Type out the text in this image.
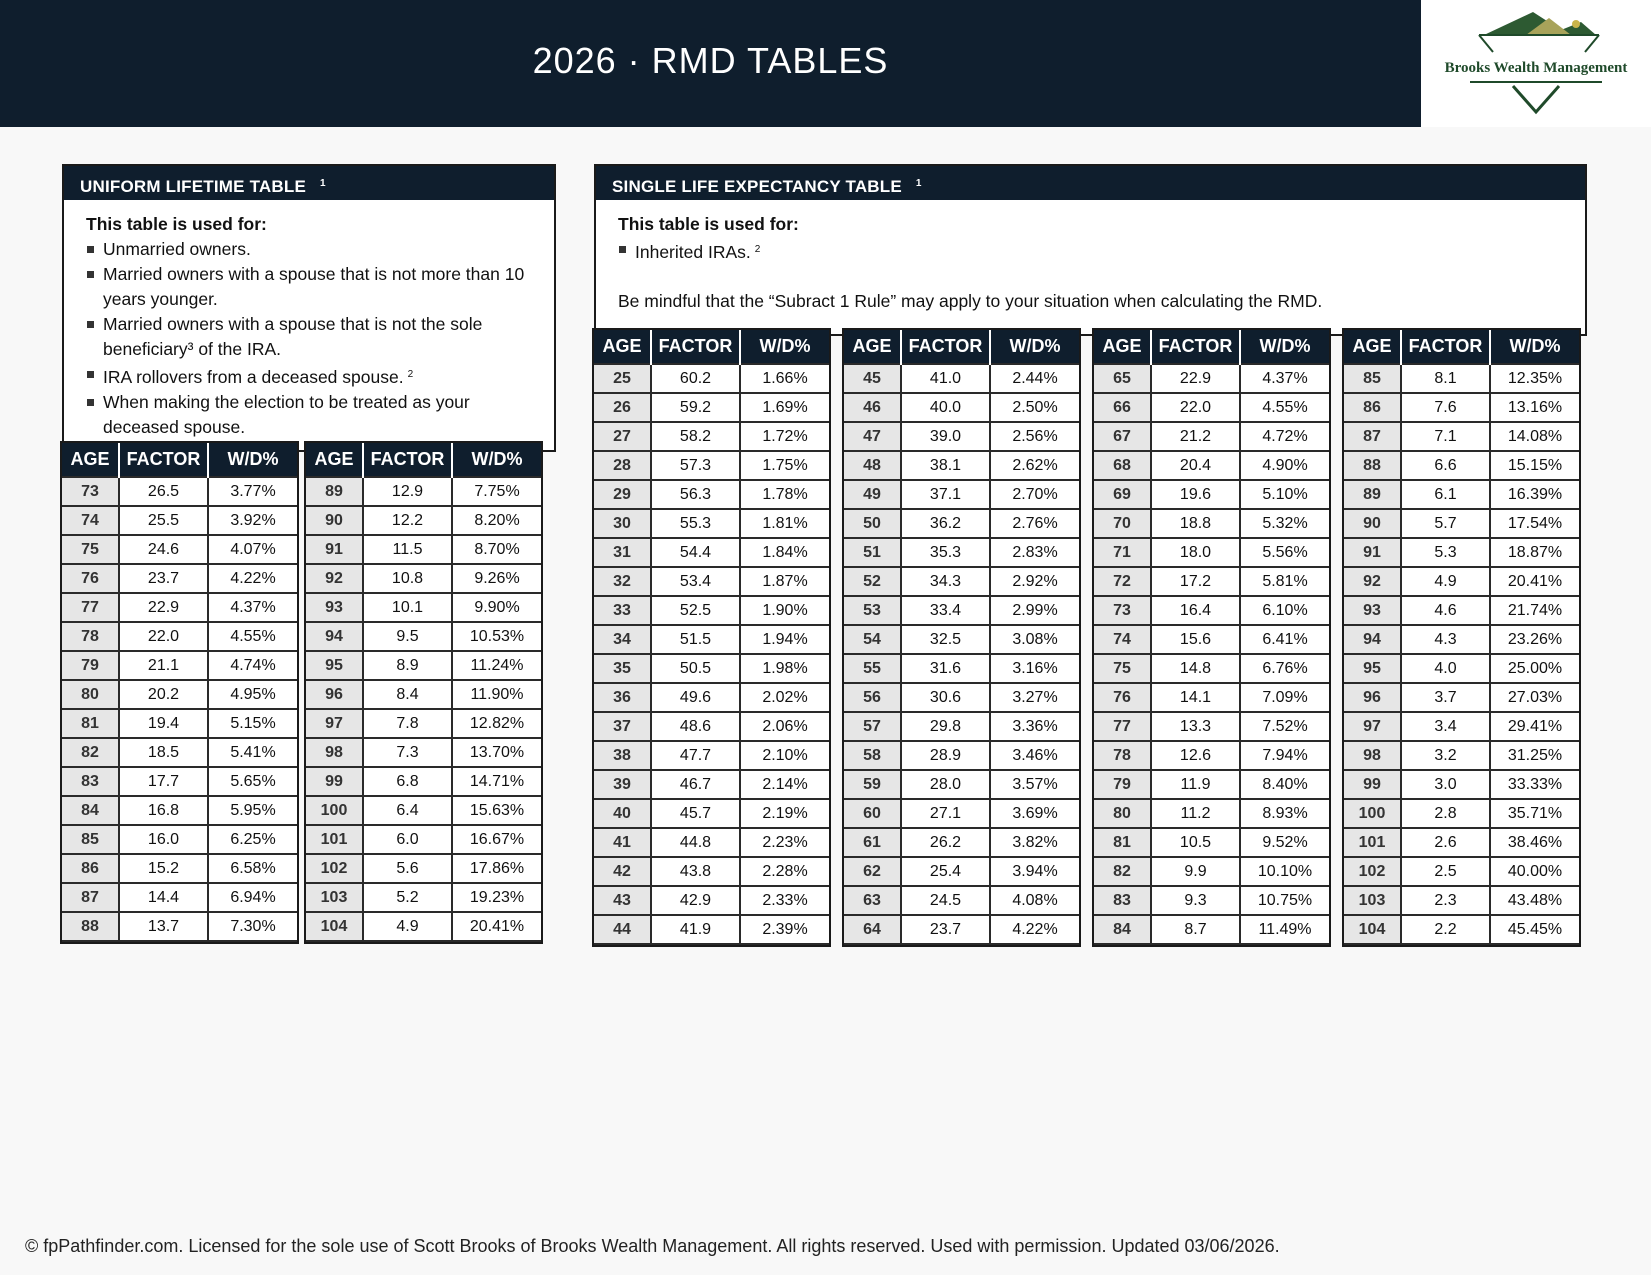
2026 · RMD TABLES	Brooks Wealth Management
UNIFORM LIFETIME TABLE $^1$
This table is used for:
Unmarried owners.
Married owners with a spouse that is not more than 10 years younger.
Married owners with a spouse that is not the sole beneficiary³ of the IRA.
IRA rollovers from a deceased spouse. $^2$
When making the election to be treated as your deceased spouse.
SINGLE LIFE EXPECTANCY TABLE $^1$
This table is used for:
Inherited IRAs. $^2$
Be mindful that the “Subract 1 Rule” may apply to your situation when calculating the RMD.
AGE	FACTOR	W/D%
73	26.5	3.77%
74	25.5	3.92%
75	24.6	4.07%
76	23.7	4.22%
77	22.9	4.37%
78	22.0	4.55%
79	21.1	4.74%
80	20.2	4.95%
81	19.4	5.15%
82	18.5	5.41%
83	17.7	5.65%
84	16.8	5.95%
85	16.0	6.25%
86	15.2	6.58%
87	14.4	6.94%
88	13.7	7.30%
AGE	FACTOR	W/D%
89	12.9	7.75%
90	12.2	8.20%
91	11.5	8.70%
92	10.8	9.26%
93	10.1	9.90%
94	9.5	10.53%
95	8.9	11.24%
96	8.4	11.90%
97	7.8	12.82%
98	7.3	13.70%
99	6.8	14.71%
100	6.4	15.63%
101	6.0	16.67%
102	5.6	17.86%
103	5.2	19.23%
104	4.9	20.41%
AGE	FACTOR	W/D%
25	60.2	1.66%
26	59.2	1.69%
27	58.2	1.72%
28	57.3	1.75%
29	56.3	1.78%
30	55.3	1.81%
31	54.4	1.84%
32	53.4	1.87%
33	52.5	1.90%
34	51.5	1.94%
35	50.5	1.98%
36	49.6	2.02%
37	48.6	2.06%
38	47.7	2.10%
39	46.7	2.14%
40	45.7	2.19%
41	44.8	2.23%
42	43.8	2.28%
43	42.9	2.33%
44	41.9	2.39%
AGE	FACTOR	W/D%
45	41.0	2.44%
46	40.0	2.50%
47	39.0	2.56%
48	38.1	2.62%
49	37.1	2.70%
50	36.2	2.76%
51	35.3	2.83%
52	34.3	2.92%
53	33.4	2.99%
54	32.5	3.08%
55	31.6	3.16%
56	30.6	3.27%
57	29.8	3.36%
58	28.9	3.46%
59	28.0	3.57%
60	27.1	3.69%
61	26.2	3.82%
62	25.4	3.94%
63	24.5	4.08%
64	23.7	4.22%
AGE	FACTOR	W/D%
65	22.9	4.37%
66	22.0	4.55%
67	21.2	4.72%
68	20.4	4.90%
69	19.6	5.10%
70	18.8	5.32%
71	18.0	5.56%
72	17.2	5.81%
73	16.4	6.10%
74	15.6	6.41%
75	14.8	6.76%
76	14.1	7.09%
77	13.3	7.52%
78	12.6	7.94%
79	11.9	8.40%
80	11.2	8.93%
81	10.5	9.52%
82	9.9	10.10%
83	9.3	10.75%
84	8.7	11.49%
AGE	FACTOR	W/D%
85	8.1	12.35%
86	7.6	13.16%
87	7.1	14.08%
88	6.6	15.15%
89	6.1	16.39%
90	5.7	17.54%
91	5.3	18.87%
92	4.9	20.41%
93	4.6	21.74%
94	4.3	23.26%
95	4.0	25.00%
96	3.7	27.03%
97	3.4	29.41%
98	3.2	31.25%
99	3.0	33.33%
100	2.8	35.71%
101	2.6	38.46%
102	2.5	40.00%
103	2.3	43.48%
104	2.2	45.45%
© fpPathfinder.com. Licensed for the sole use of Scott Brooks of Brooks Wealth Management. All rights reserved. Used with permission. Updated 03/06/2026.
